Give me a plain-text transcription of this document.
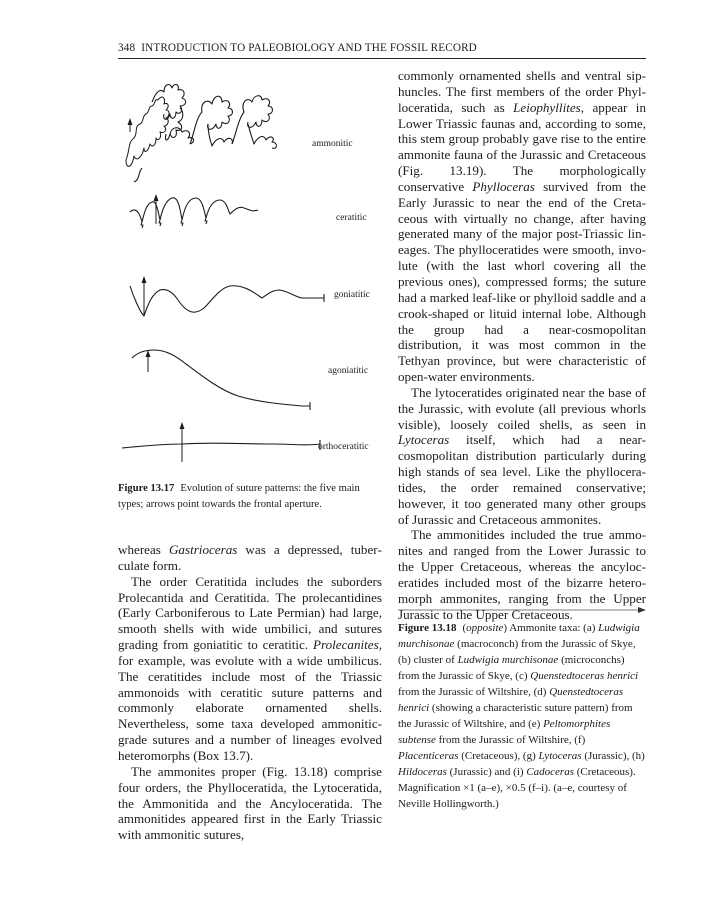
348 INTRODUCTION TO PALEOBIOLOGY AND THE FOSSIL RECORD
ammonitic
ceratitic
goniatitic
agoniatitic
orthoceratitic
Figure 13.17 Evolution of suture patterns: the five main types; arrows point towards the frontal aperture.

whereas Gastrioceras was a depressed, tuberculate form.

The order Ceratitida includes the suborders Prolecantida and Ceratitida. The prolecantidines (Early Carboniferous to Late Permian) had large, smooth shells with wide umbilici, and sutures grading from goniatitic to ceratitic. Prolecanites, for example, was evolute with a wide umbilicus. The ceratitides include most of the Triassic ammonoids with ceratitic suture patterns and commonly elaborate ornamented shells. Nevertheless, some taxa developed ammonitic-grade sutures and a number of lineages evolved heteromorphs (Box 13.7).

The ammonites proper (Fig. 13.18) comprise four orders, the Phylloceratida, the Lytoceratida, the Ammonitida and the Ancyloceratida. The ammonitides appeared first in the Early Triassic with ammonitic sutures,

commonly ornamented shells and ventral siphuncles. The first members of the order Phylloceratida, such as Leiophyllites, appear in Lower Triassic faunas and, according to some, this stem group probably gave rise to the entire ammonite fauna of the Jurassic and Cretaceous (Fig. 13.19). The morphologically conservative Phylloceras survived from the Early Jurassic to near the end of the Cretaceous with virtually no change, after having generated many of the major post-Triassic lineages. The phylloceratides were smooth, involute (with the last whorl covering all the previous ones), compressed forms; the suture had a marked leaf-like or phylloid saddle and a crook-shaped or lituid internal lobe. Although the group had a near-cosmopolitan distribution, it was most common in the Tethyan province, but were characteristic of open-water environments.

The lytoceratides originated near the base of the Jurassic, with evolute (all previous whorls visible), loosely coiled shells, as seen in Lytoceras itself, which had a near-cosmopolitan distribution particularly during high stands of sea level. Like the phylloceratides, the order remained conservative; however, it too generated many other groups of Jurassic and Cretaceous ammonites.

The ammonitides included the true ammonites and ranged from the Lower Jurassic to the Upper Cretaceous, whereas the ancyloceratides included most of the bizarre heteromorph ammonites, ranging from the Upper Jurassic to the Upper Cretaceous.

Figure 13.18 (opposite) Ammonite taxa: (a) Ludwigia murchisonae (macroconch) from the Jurassic of Skye, (b) cluster of Ludwigia murchisonae (microconchs) from the Jurassic of Skye, (c) Quenstedtoceras henrici from the Jurassic of Wiltshire, (d) Quenstedtoceras henrici (showing a characteristic suture pattern) from the Jurassic of Wiltshire, and (e) Peltomorphites subtense from the Jurassic of Wiltshire, (f) Placenticeras (Cretaceous), (g) Lytoceras (Jurassic), (h) Hildoceras (Jurassic) and (i) Cadoceras (Cretaceous). Magnification ×1 (a–e), ×0.5 (f–i). (a–e, courtesy of Neville Hollingworth.)
